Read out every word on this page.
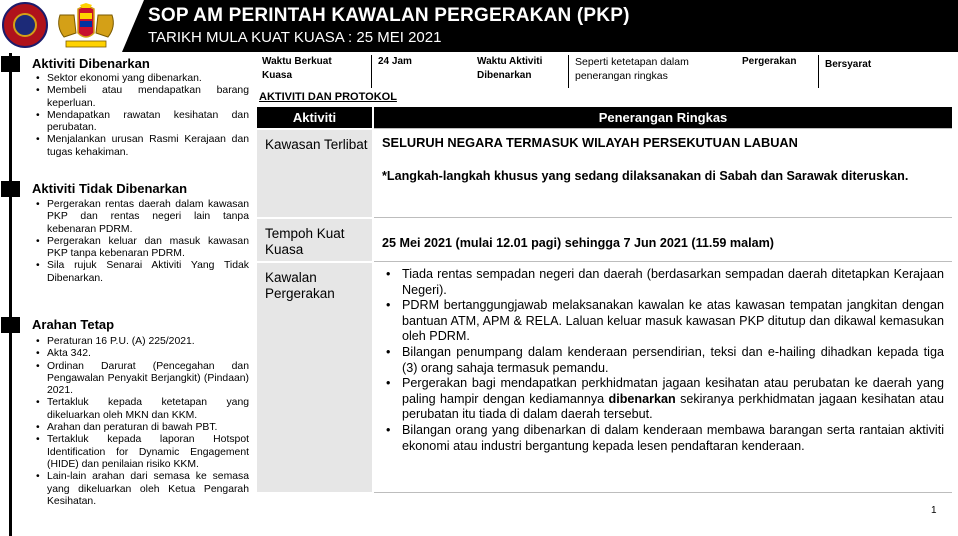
SOP AM PERINTAH KAWALAN PERGERAKAN (PKP)
TARIKH MULA KUAT KUASA : 25 MEI 2021
Aktiviti Dibenarkan
• Sektor ekonomi yang dibenarkan.
• Membeli atau mendapatkan barang keperluan.
• Mendapatkan rawatan kesihatan dan perubatan.
• Menjalankan urusan Rasmi Kerajaan dan tugas kehakiman.
Aktiviti Tidak Dibenarkan
• Pergerakan rentas daerah dalam kawasan PKP dan rentas negeri lain tanpa kebenaran PDRM.
• Pergerakan keluar dan masuk kawasan PKP tanpa kebenaran PDRM.
• Sila rujuk Senarai Aktiviti Yang Tidak Dibenarkan.
Arahan Tetap
• Peraturan 16 P.U. (A) 225/2021.
• Akta 342.
• Ordinan Darurat (Pencegahan dan Pengawalan Penyakit Berjangkit) (Pindaan) 2021.
• Tertakluk kepada ketetapan yang dikeluarkan oleh MKN dan KKM.
• Arahan dan peraturan di bawah PBT.
• Tertakluk kepada laporan Hotspot Identification for Dynamic Engagement (HIDE) dan penilaian risiko KKM.
• Lain-lain arahan dari semasa ke semasa yang dikeluarkan oleh Ketua Pengarah Kesihatan.
Waktu Berkuat Kuasa
24 Jam	Waktu Aktiviti Dibenarkan
Seperti ketetapan dalam penerangan ringkas
Pergerakan	Bersyarat
AKTIVITI DAN PROTOKOL
Aktiviti	Penerangan Ringkas
Kawasan Terlibat	SELURUH NEGARA TERMASUK WILAYAH PERSEKUTUAN LABUAN
*Langkah-langkah khusus yang sedang dilaksanakan di Sabah dan Sarawak diteruskan.
Tempoh Kuat Kuasa	25 Mei 2021 (mulai 12.01 pagi) sehingga 7 Jun 2021 (11.59 malam)
Kawalan Pergerakan
• Tiada rentas sempadan negeri dan daerah (berdasarkan sempadan daerah ditetapkan Kerajaan Negeri).
• PDRM bertanggungjawab melaksanakan kawalan ke atas kawasan tempatan jangkitan dengan bantuan ATM, APM & RELA. Laluan keluar masuk kawasan PKP ditutup dan dikawal kemasukan oleh PDRM.
• Bilangan penumpang dalam kenderaan persendirian, teksi dan e-hailing dihadkan kepada tiga (3) orang sahaja termasuk pemandu.
• Pergerakan bagi mendapatkan perkhidmatan jagaan kesihatan atau perubatan ke daerah yang paling hampir dengan kediamannya dibenarkan sekiranya perkhidmatan jagaan kesihatan atau perubatan itu tiada di dalam daerah tersebut.
• Bilangan orang yang dibenarkan di dalam kenderaan membawa barangan serta rantaian aktiviti ekonomi atau industri bergantung kepada lesen pendaftaran kenderaan.
1
